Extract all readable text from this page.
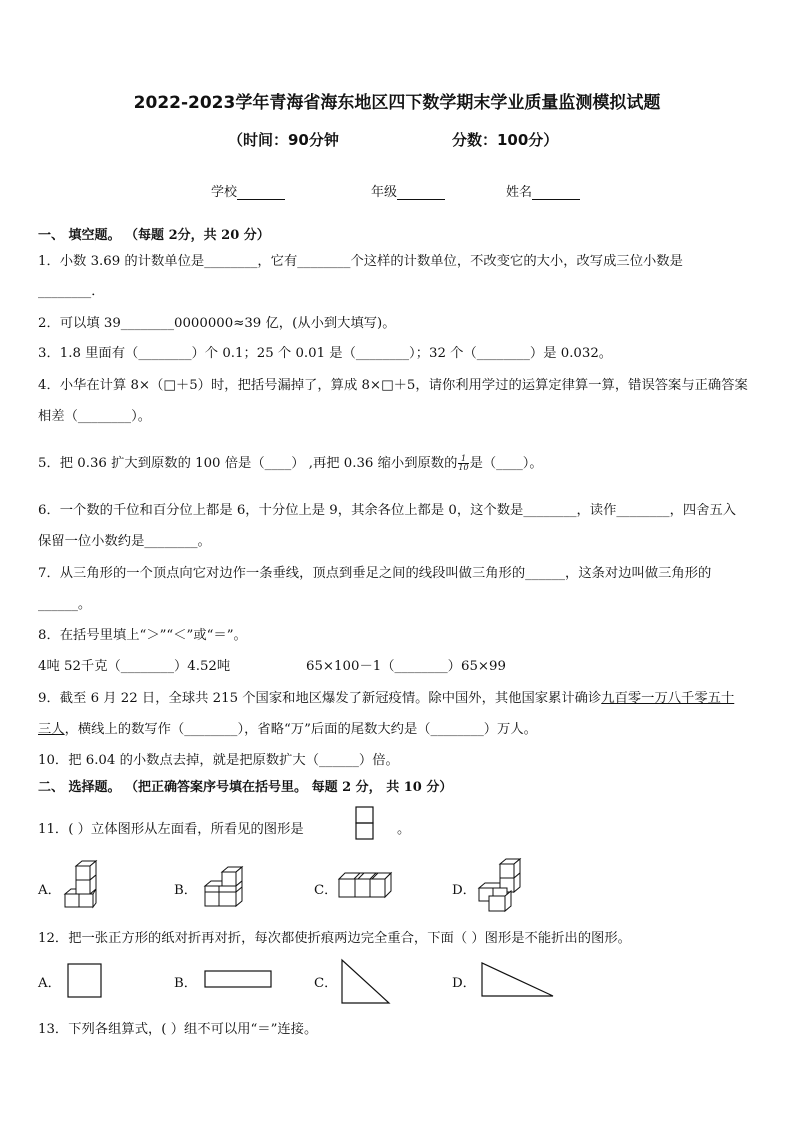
2022-2023学年青海省海东地区四下数学期末学业质量监测模拟试题
（时间：90分钟	分数：100分）
学校	年级	姓名
一、 填空题。 （每题 2分，共 20 分）
1．小数 3.69 的计数单位是________，它有________个这样的计数单位，不改变它的大小，改写成三位小数是
________．
2．可以填 39________0000000≈39 亿，(从小到大填写)。
3．1.8 里面有（________）个 0.1；25 个 0.01 是（________）；32 个（________）是 0.032。
4．小华在计算 8×（□＋5）时，把括号漏掉了，算成 8×□＋5，请你利用学过的运算定律算一算，错误答案与正确答案
相差（________）。
5．把 0.36 扩大到原数的 100 倍是（____） ,再把 0.36 缩小到原数的 $\frac{1}{10}$ 是（____）。
6．一个数的千位和百分位上都是 6，十分位上是 9，其余各位上都是 0，这个数是________，读作________，四舍五入
保留一位小数约是________。
7．从三角形的一个顶点向它对边作一条垂线，顶点到垂足之间的线段叫做三角形的______，这条对边叫做三角形的
______。
8．在括号里填上“＞”“＜”或“＝”。
4吨 52千克（________）4.52吨	65×100－1（________）65×99
9．截至 6 月 22 日，全球共 215 个国家和地区爆发了新冠疫情。除中国外，其他国家累计确诊九百零一万八千零五十
三人，横线上的数写作（________），省略“万”后面的尾数大约是（________）万人。
10．把 6.04 的小数点去掉，就是把原数扩大（______）倍。
二、 选择题。 （把正确答案序号填在括号里。 每题 2 分， 共 10 分）
11．( ）立体图形从左面看，所看见的图形是	。
A．	B．	C．	D．
12．把一张正方形的纸对折再对折，每次都使折痕两边完全重合，下面（ ）图形是不能折出的图形。
A．	B．	C．	D．
13．下列各组算式，( ）组不可以用“＝”连接。
